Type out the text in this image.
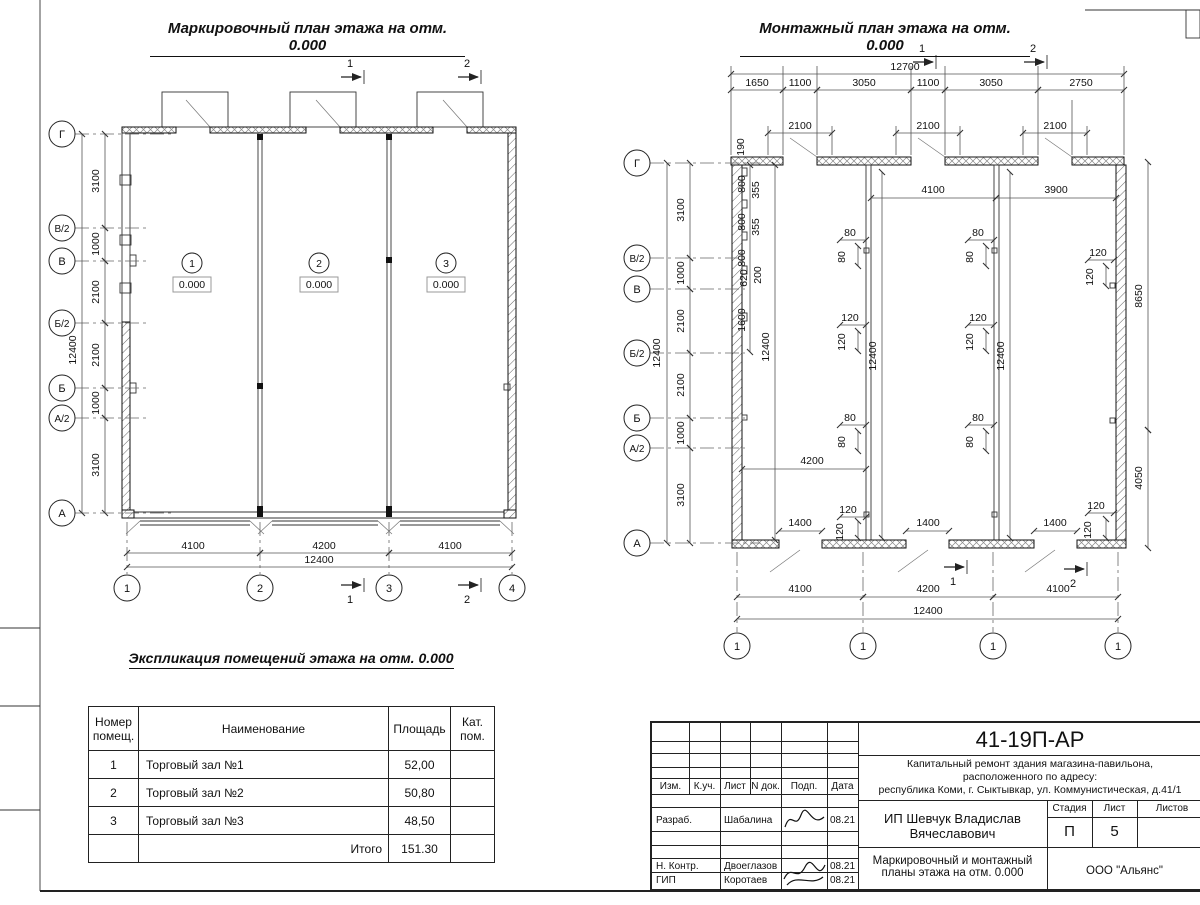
Г
В/2
В
Б/2
Б
А/2
А
3100
1000
2100
2100
1000
3100
12400
1
0.000
2
0.000
3
0.000
4100	4200	4100
12400
1	2	3	4
1	2
1	2
12700
1650 1100	3050	1100	3050	2750
2100	2100	2100
Г
В/2
В
Б/2
Б
А/2
А
3100
1000
2100
2100
1000
3100
12400
190
800 355
800 355
800
620 200
1600
12400
4100	3900
12400	12400
8650
4050
4200
1400	1400	1400
80
80
80
80
120
120
120
120
120
120
80
80
80
80
120
120
120
120
4100	4200	4100
12400
1	1	1	1
1	2
1	2
Маркировочный план этажа на отм. 0.000
Монтажный план этажа на отм. 0.000
Экспликация помещений этажа на отм. 0.000
Номер помещ.	Наименование	Площадь	Кат. пом.
1	Торговый зал №1	52,00	
2	Торговый зал №2	50,80	
3	Торговый зал №3	48,50	
	Итого	151.30	
Изм.	К.уч. Лист N док.	Подп.	Дата
Разраб.	Шабалина	08.21
Н. Контр.	Двоеглазов	08.21
ГИП	Коротаев	08.21
41-19П-АР
Капитальный ремонт здания магазина-павильона,
расположенного по адресу:
республика Коми, г. Сыктывкар, ул. Коммунистическая, д.41/1
ИП Шевчук Владислав Вячеславович
Стадия	Лист	Листов
П	5
Маркировочный и монтажный планы этажа на отм. 0.000	ООО "Альянс"
